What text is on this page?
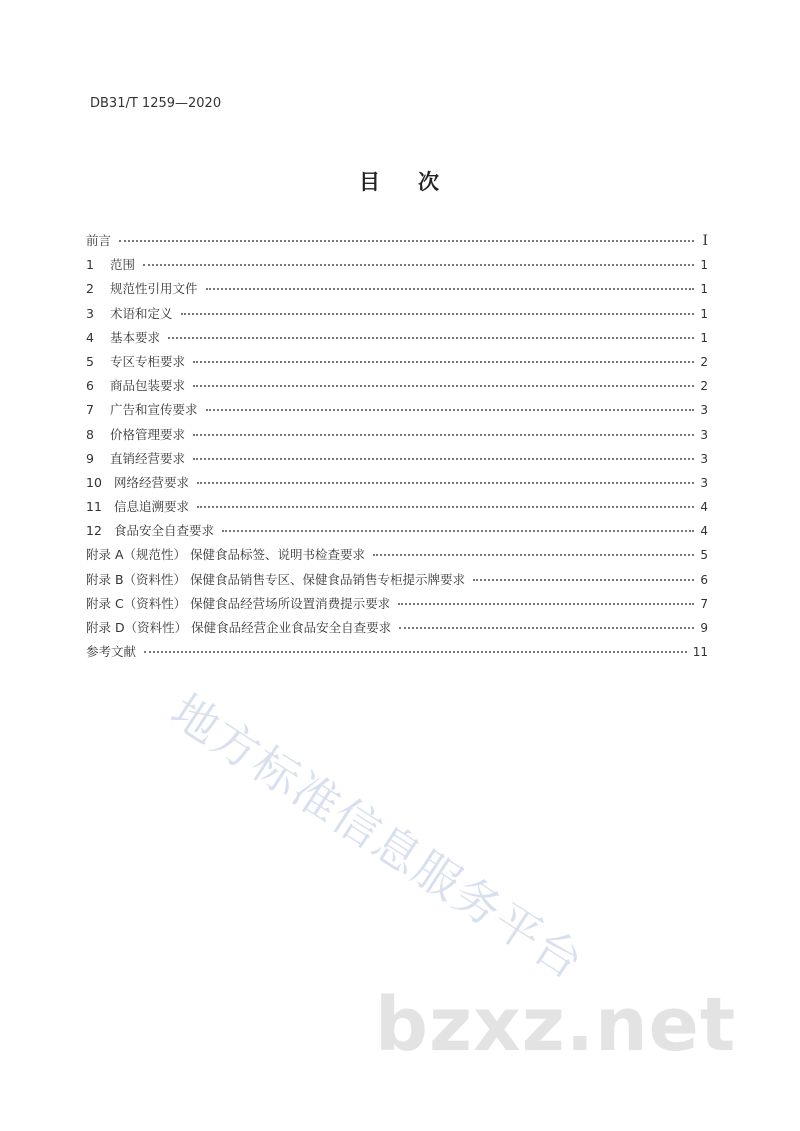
DB31/T 1259—2020
目 次
前言	I
1 范围	1
2 规范性引用文件	1
3 术语和定义	1
4 基本要求	1
5 专区专柜要求	2
6 商品包装要求	2
7 广告和宣传要求	3
8 价格管理要求	3
9 直销经营要求	3
10 网络经营要求	3
11 信息追溯要求	4
12 食品安全自查要求	4
附录 A（规范性） 保健食品标签、说明书检查要求	5
附录 B（资料性） 保健食品销售专区、保健食品销售专柜提示牌要求	6
附录 C（资料性） 保健食品经营场所设置消费提示要求	7
附录 D（资料性） 保健食品经营企业食品安全自查要求	9
参考文献	11
地方标准信息服务平台
bzxz.net
